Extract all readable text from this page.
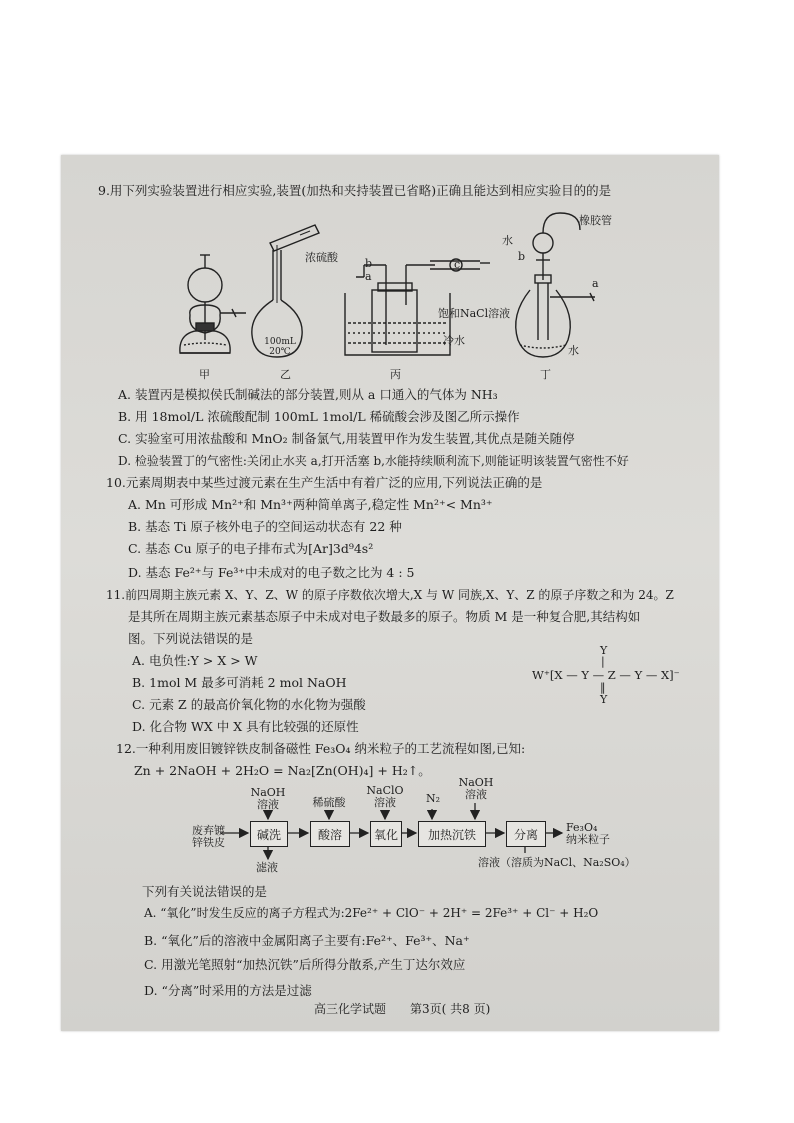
9.用下列实验装置进行相应实验,装置(加热和夹持装置已省略)正确且能达到相应实验目的的是
橡胶管
水
b
a
水
浓硫酸
100mL 20℃
b
a
c
饱和NaCl溶液
冷水
甲	乙	丙	丁
A. 装置丙是模拟侯氏制碱法的部分装置,则从 a 口通入的气体为 NH₃
B. 用 18mol/L 浓硫酸配制 100mL 1mol/L 稀硫酸会涉及图乙所示操作
C. 实验室可用浓盐酸和 MnO₂ 制备氯气,用装置甲作为发生装置,其优点是随关随停
D. 检验装置丁的气密性:关闭止水夹 a,打开活塞 b,水能持续顺利流下,则能证明该装置气密性不好
10.元素周期表中某些过渡元素在生产生活中有着广泛的应用,下列说法正确的是
A. Mn 可形成 Mn²⁺和 Mn³⁺两种简单离子,稳定性 Mn²⁺< Mn³⁺
B. 基态 Ti 原子核外电子的空间运动状态有 22 种
C. 基态 Cu 原子的电子排布式为[Ar]3d⁹4s²
D. 基态 Fe²⁺与 Fe³⁺中未成对的电子数之比为 4 : 5
11.前四周期主族元素 X、Y、Z、W 的原子序数依次增大,X 与 W 同族,X、Y、Z 的原子序数之和为 24。Z
是其所在周期主族元素基态原子中未成对电子数最多的原子。物质 M 是一种复合肥,其结构如
图。下列说法错误的是
A. 电负性:Y > X > W
B. 1mol M 最多可消耗 2 mol NaOH
C. 元素 Z 的最高价氧化物的水化物为强酸
D. 化合物 WX 中 X 具有比较强的还原性
Y
|
W⁺[X — Y — Z — Y — X]⁻
‖
Y
12.一种利用废旧镀锌铁皮制备磁性 Fe₃O₄ 纳米粒子的工艺流程如图,已知:
Zn + 2NaOH + 2H₂O = Na₂[Zn(OH)₄] + H₂↑。
NaOH
溶液	稀硫酸
NaClO
溶液	N₂
NaOH
溶液
废弃镀
锌铁皮
碱洗	酸溶	氧化	加热沉铁	分离	Fe₃O₄
纳米粒子
滤液	溶液（溶质为NaCl、Na₂SO₄）
下列有关说法错误的是
A. “氧化”时发生反应的离子方程式为:2Fe²⁺ + ClO⁻ + 2H⁺ = 2Fe³⁺ + Cl⁻ + H₂O
B. “氧化”后的溶液中金属阳离子主要有:Fe²⁺、Fe³⁺、Na⁺
C. 用激光笔照射“加热沉铁”后所得分散系,产生丁达尔效应
D. “分离”时采用的方法是过滤
高三化学试题　　第3页( 共8 页)
